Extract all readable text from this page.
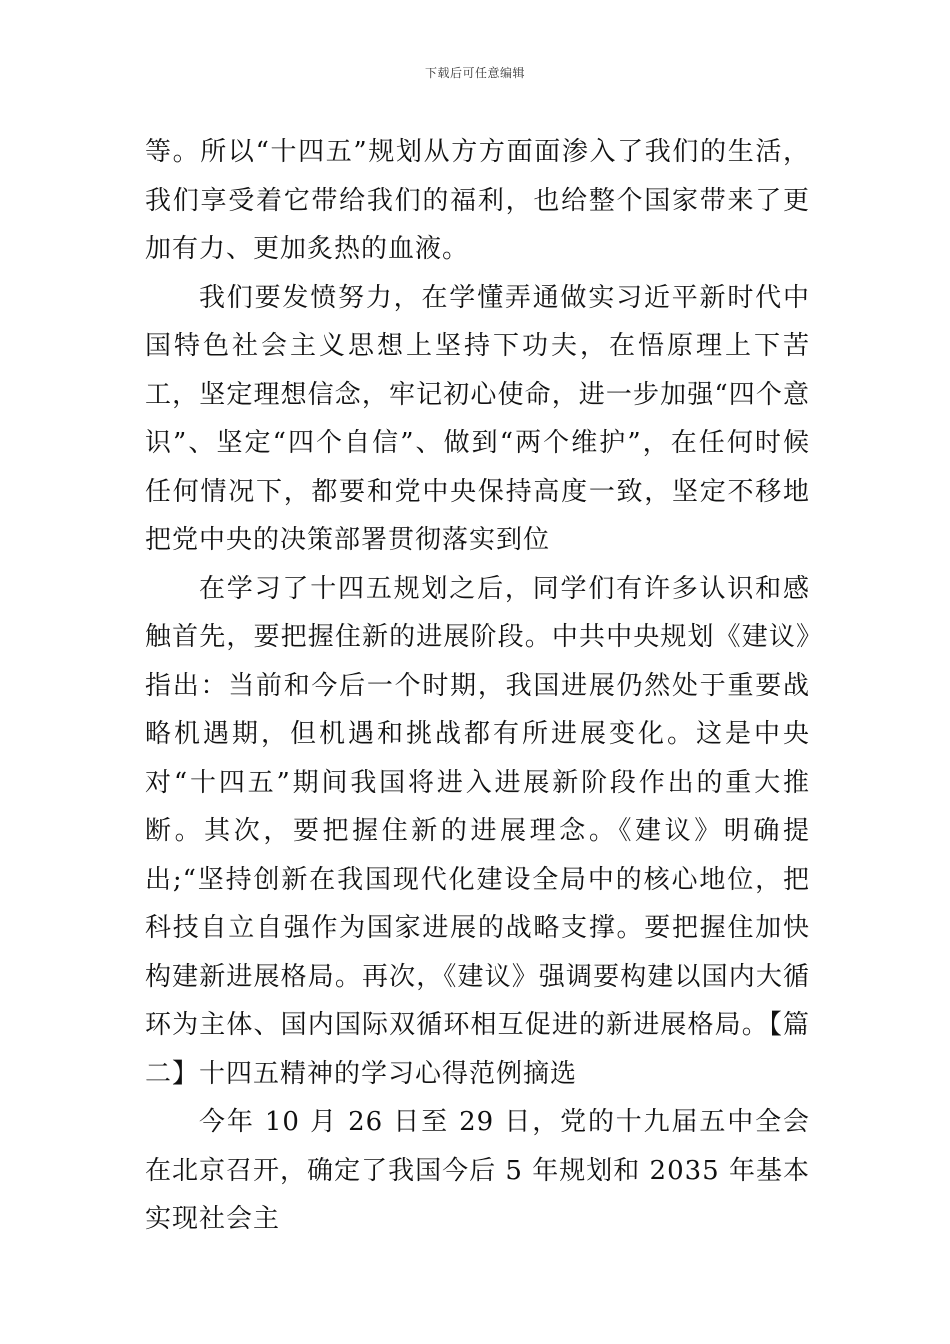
下载后可任意编辑

等。所以“十四五”规划从方方面面渗入了我们的生活，我们享受着它带给我们的福利，也给整个国家带来了更加有力、更加炙热的血液。

我们要发愤努力，在学懂弄通做实习近平新时代中国特色社会主义思想上坚持下功夫，在悟原理上下苦工，坚定理想信念，牢记初心使命，进一步加强“四个意识”、坚定“四个自信”、做到“两个维护”，在任何时候任何情况下，都要和党中央保持高度一致，坚定不移地把党中央的决策部署贯彻落实到位

在学习了十四五规划之后，同学们有许多认识和感触首先，要把握住新的进展阶段。中共中央规划《建议》指出：当前和今后一个时期，我国进展仍然处于重要战略机遇期，但机遇和挑战都有所进展变化。这是中央对“十四五”期间我国将进入进展新阶段作出的重大推断。其次，要把握住新的进展理念。《建议》明确提出;“坚持创新在我国现代化建设全局中的核心地位，把科技自立自强作为国家进展的战略支撑。要把握住加快构建新进展格局。再次，《建议》强调要构建以国内大循环为主体、国内国际双循环相互促进的新进展格局。【篇二】十四五精神的学习心得范例摘选

今年 10 月 26 日至 29 日，党的十九届五中全会在北京召开，确定了我国今后 5 年规划和 2035 年基本实现社会主
